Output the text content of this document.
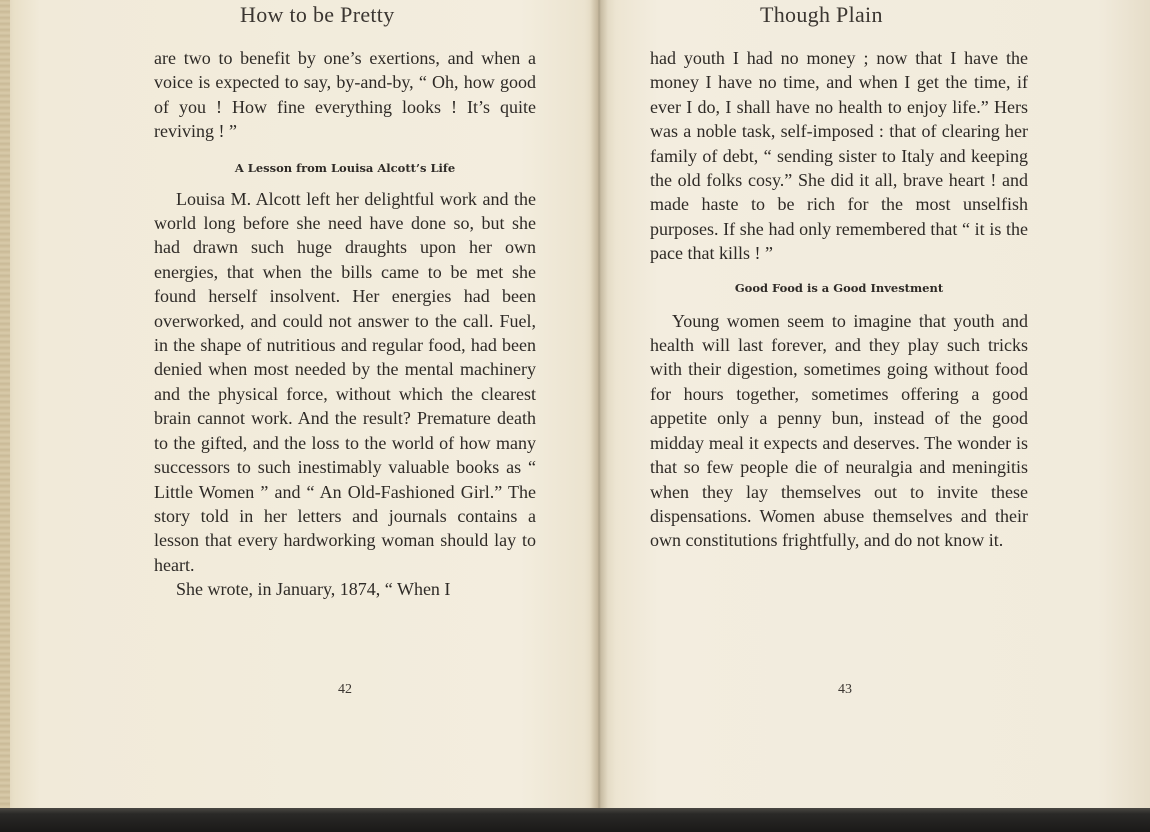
How to be Pretty

are two to benefit by one’s exertions, and when a voice is expected to say, by-and-by, “ Oh, how good of you ! How fine everything looks ! It’s quite reviving ! ”

A Lesson from Louisa Alcott’s Life

Louisa M. Alcott left her delightful work and the world long before she need have done so, but she had drawn such huge draughts upon her own energies, that when the bills came to be met she found herself insolvent. Her energies had been overworked, and could not answer to the call. Fuel, in the shape of nutritious and regular food, had been denied when most needed by the mental machinery and the physical force, without which the clearest brain cannot work. And the result? Premature death to the gifted, and the loss to the world of how many successors to such inestimably valuable books as “ Little Women ” and “ An Old-Fashioned Girl.” The story told in her letters and journals contains a lesson that every hardworking woman should lay to heart.

She wrote, in January, 1874, “ When I

42
Though Plain

had youth I had no money ; now that I have the money I have no time, and when I get the time, if ever I do, I shall have no health to enjoy life.” Hers was a noble task, self-imposed : that of clearing her family of debt, “ sending sister to Italy and keeping the old folks cosy.” She did it all, brave heart ! and made haste to be rich for the most unselfish purposes. If she had only remembered that “ it is the pace that kills ! ”

Good Food is a Good Investment

Young women seem to imagine that youth and health will last forever, and they play such tricks with their digestion, sometimes going without food for hours together, sometimes offering a good appetite only a penny bun, instead of the good midday meal it expects and deserves. The wonder is that so few people die of neuralgia and meningitis when they lay themselves out to invite these dispensations. Women abuse themselves and their own constitutions frightfully, and do not know it.

43
